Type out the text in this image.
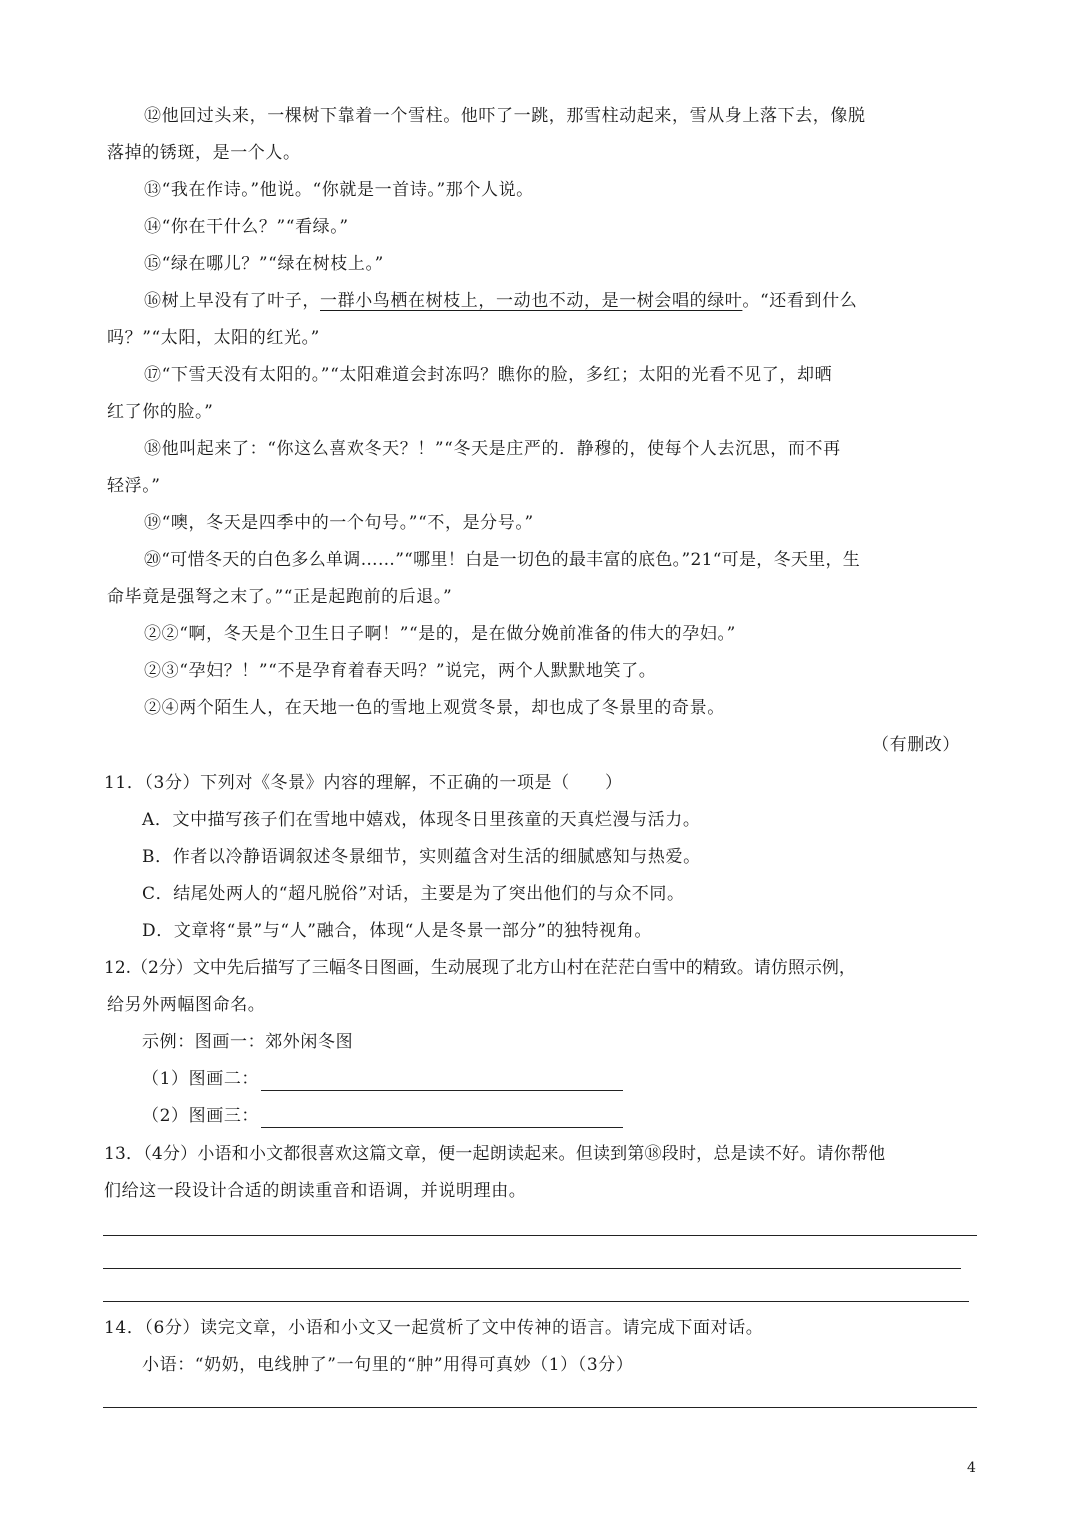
⑫他回过头来，一棵树下靠着一个雪柱。他吓了一跳，那雪柱动起来，雪从身上落下去，像脱
落掉的锈斑，是一个人。
⑬“我在作诗。”他说。“你就是一首诗。”那个人说。
⑭“你在干什么？”“看绿。”
⑮“绿在哪儿？”“绿在树枝上。”
⑯树上早没有了叶子，一群小鸟栖在树枝上，一动也不动，是一树会唱的绿叶。“还看到什么
吗？”“太阳，太阳的红光。”
⑰“下雪天没有太阳的。”“太阳难道会封冻吗？瞧你的脸，多红；太阳的光看不见了，却晒
红了你的脸。”
⑱他叫起来了：“你这么喜欢冬天？！”“冬天是庄严的．静穆的，使每个人去沉思，而不再
轻浮。”
⑲“噢，冬天是四季中的一个句号。”“不，是分号。”
⑳“可惜冬天的白色多么单调……”“哪里！白是一切色的最丰富的底色。”21“可是，冬天里，生
命毕竟是强弩之末了。”“正是起跑前的后退。”
②②“啊，冬天是个卫生日子啊！”“是的，是在做分娩前准备的伟大的孕妇。”
②③“孕妇？！”“不是孕育着春天吗？”说完，两个人默默地笑了。
②④两个陌生人，在天地一色的雪地上观赏冬景，却也成了冬景里的奇景。
（有删改）
11．（3分）下列对《冬景》内容的理解，不正确的一项是（　　）
A．文中描写孩子们在雪地中嬉戏，体现冬日里孩童的天真烂漫与活力。
B．作者以冷静语调叙述冬景细节，实则蕴含对生活的细腻感知与热爱。
C．结尾处两人的“超凡脱俗”对话，主要是为了突出他们的与众不同。
D．文章将“景”与“人”融合，体现“人是冬景一部分”的独特视角。
12.（2分）文中先后描写了三幅冬日图画，生动展现了北方山村在茫茫白雪中的精致。请仿照示例，
给另外两幅图命名。
示例：图画一：郊外闲冬图
（1）图画二：
（2）图画三：
13．（4分）小语和小文都很喜欢这篇文章，便一起朗读起来。但读到第⑱段时，总是读不好。请你帮他
们给这一段设计合适的朗读重音和语调，并说明理由。
14．（6分）读完文章，小语和小文又一起赏析了文中传神的语言。请完成下面对话。
小语：“奶奶，电线肿了”一句里的“肿”用得可真妙（1）（3分）
4
